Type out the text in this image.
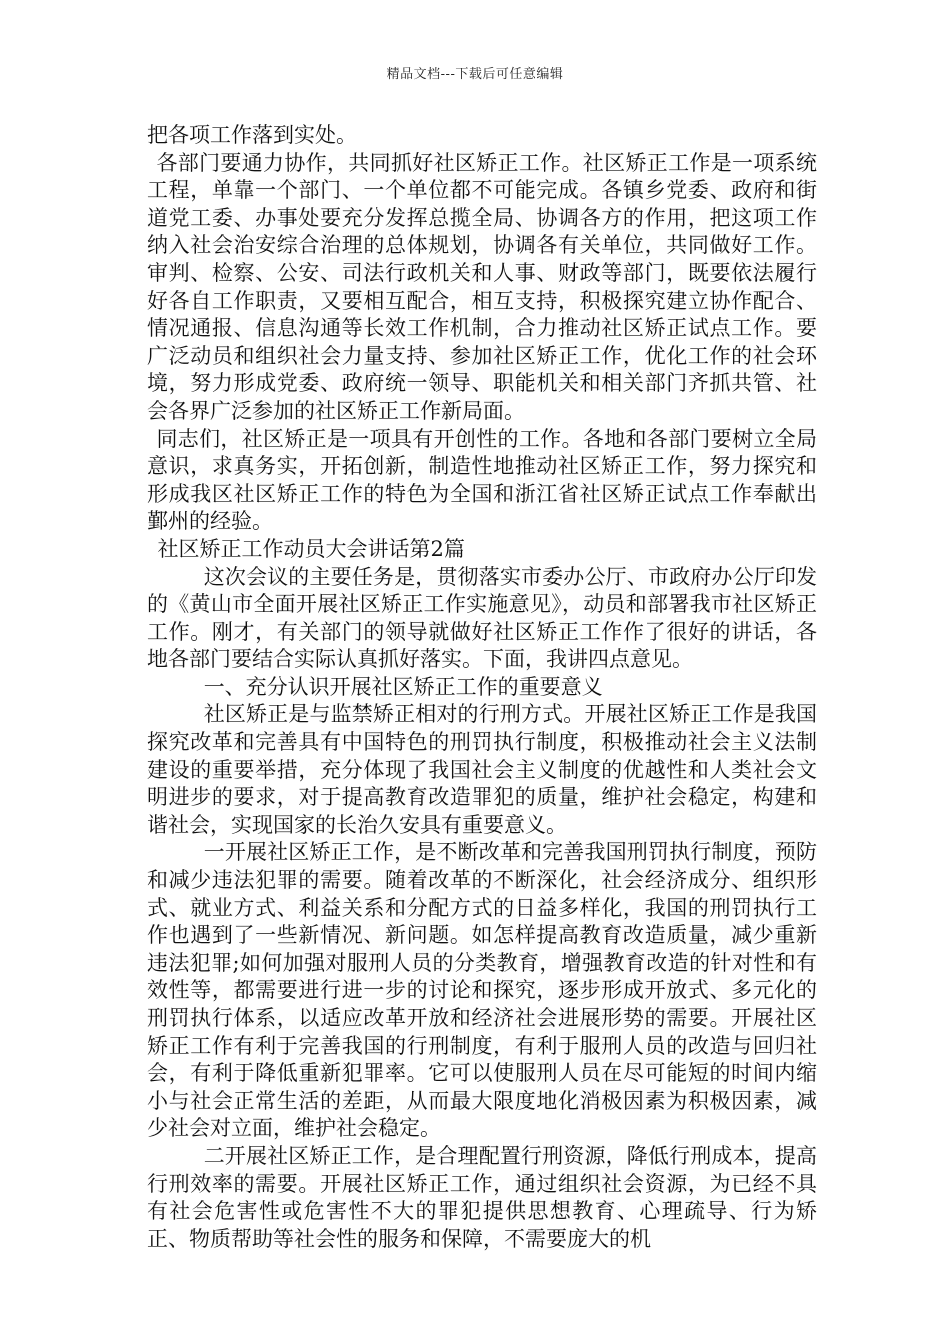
精品文档---下载后可任意编辑

把各项工作落到实处。

各部门要通力协作，共同抓好社区矫正工作。社区矫正工作是一项系统工程，单靠一个部门、一个单位都不可能完成。各镇乡党委、政府和街道党工委、办事处要充分发挥总揽全局、协调各方的作用，把这项工作纳入社会治安综合治理的总体规划，协调各有关单位，共同做好工作。审判、检察、公安、司法行政机关和人事、财政等部门，既要依法履行好各自工作职责，又要相互配合，相互支持，积极探究建立协作配合、情况通报、信息沟通等长效工作机制，合力推动社区矫正试点工作。要广泛动员和组织社会力量支持、参加社区矫正工作，优化工作的社会环境，努力形成党委、政府统一领导、职能机关和相关部门齐抓共管、社会各界广泛参加的社区矫正工作新局面。

同志们，社区矫正是一项具有开创性的工作。各地和各部门要树立全局意识，求真务实，开拓创新，制造性地推动社区矫正工作，努力探究和形成我区社区矫正工作的特色为全国和浙江省社区矫正试点工作奉献出鄞州的经验。

社区矫正工作动员大会讲话第2篇

这次会议的主要任务是，贯彻落实市委办公厅、市政府办公厅印发的《黄山市全面开展社区矫正工作实施意见》，动员和部署我市社区矫正工作。刚才，有关部门的领导就做好社区矫正工作作了很好的讲话，各地各部门要结合实际认真抓好落实。下面，我讲四点意见。

一、充分认识开展社区矫正工作的重要意义

社区矫正是与监禁矫正相对的行刑方式。开展社区矫正工作是我国探究改革和完善具有中国特色的刑罚执行制度，积极推动社会主义法制建设的重要举措，充分体现了我国社会主义制度的优越性和人类社会文明进步的要求，对于提高教育改造罪犯的质量，维护社会稳定，构建和谐社会，实现国家的长治久安具有重要意义。

一开展社区矫正工作，是不断改革和完善我国刑罚执行制度，预防和减少违法犯罪的需要。随着改革的不断深化，社会经济成分、组织形式、就业方式、利益关系和分配方式的日益多样化，我国的刑罚执行工作也遇到了一些新情况、新问题。如怎样提高教育改造质量，减少重新违法犯罪;如何加强对服刑人员的分类教育，增强教育改造的针对性和有效性等，都需要进行进一步的讨论和探究，逐步形成开放式、多元化的刑罚执行体系，以适应改革开放和经济社会进展形势的需要。开展社区矫正工作有利于完善我国的行刑制度，有利于服刑人员的改造与回归社会，有利于降低重新犯罪率。它可以使服刑人员在尽可能短的时间内缩小与社会正常生活的差距，从而最大限度地化消极因素为积极因素，减少社会对立面，维护社会稳定。

二开展社区矫正工作，是合理配置行刑资源，降低行刑成本，提高行刑效率的需要。开展社区矫正工作，通过组织社会资源，为已经不具有社会危害性或危害性不大的罪犯提供思想教育、心理疏导、行为矫正、物质帮助等社会性的服务和保障，不需要庞大的机
